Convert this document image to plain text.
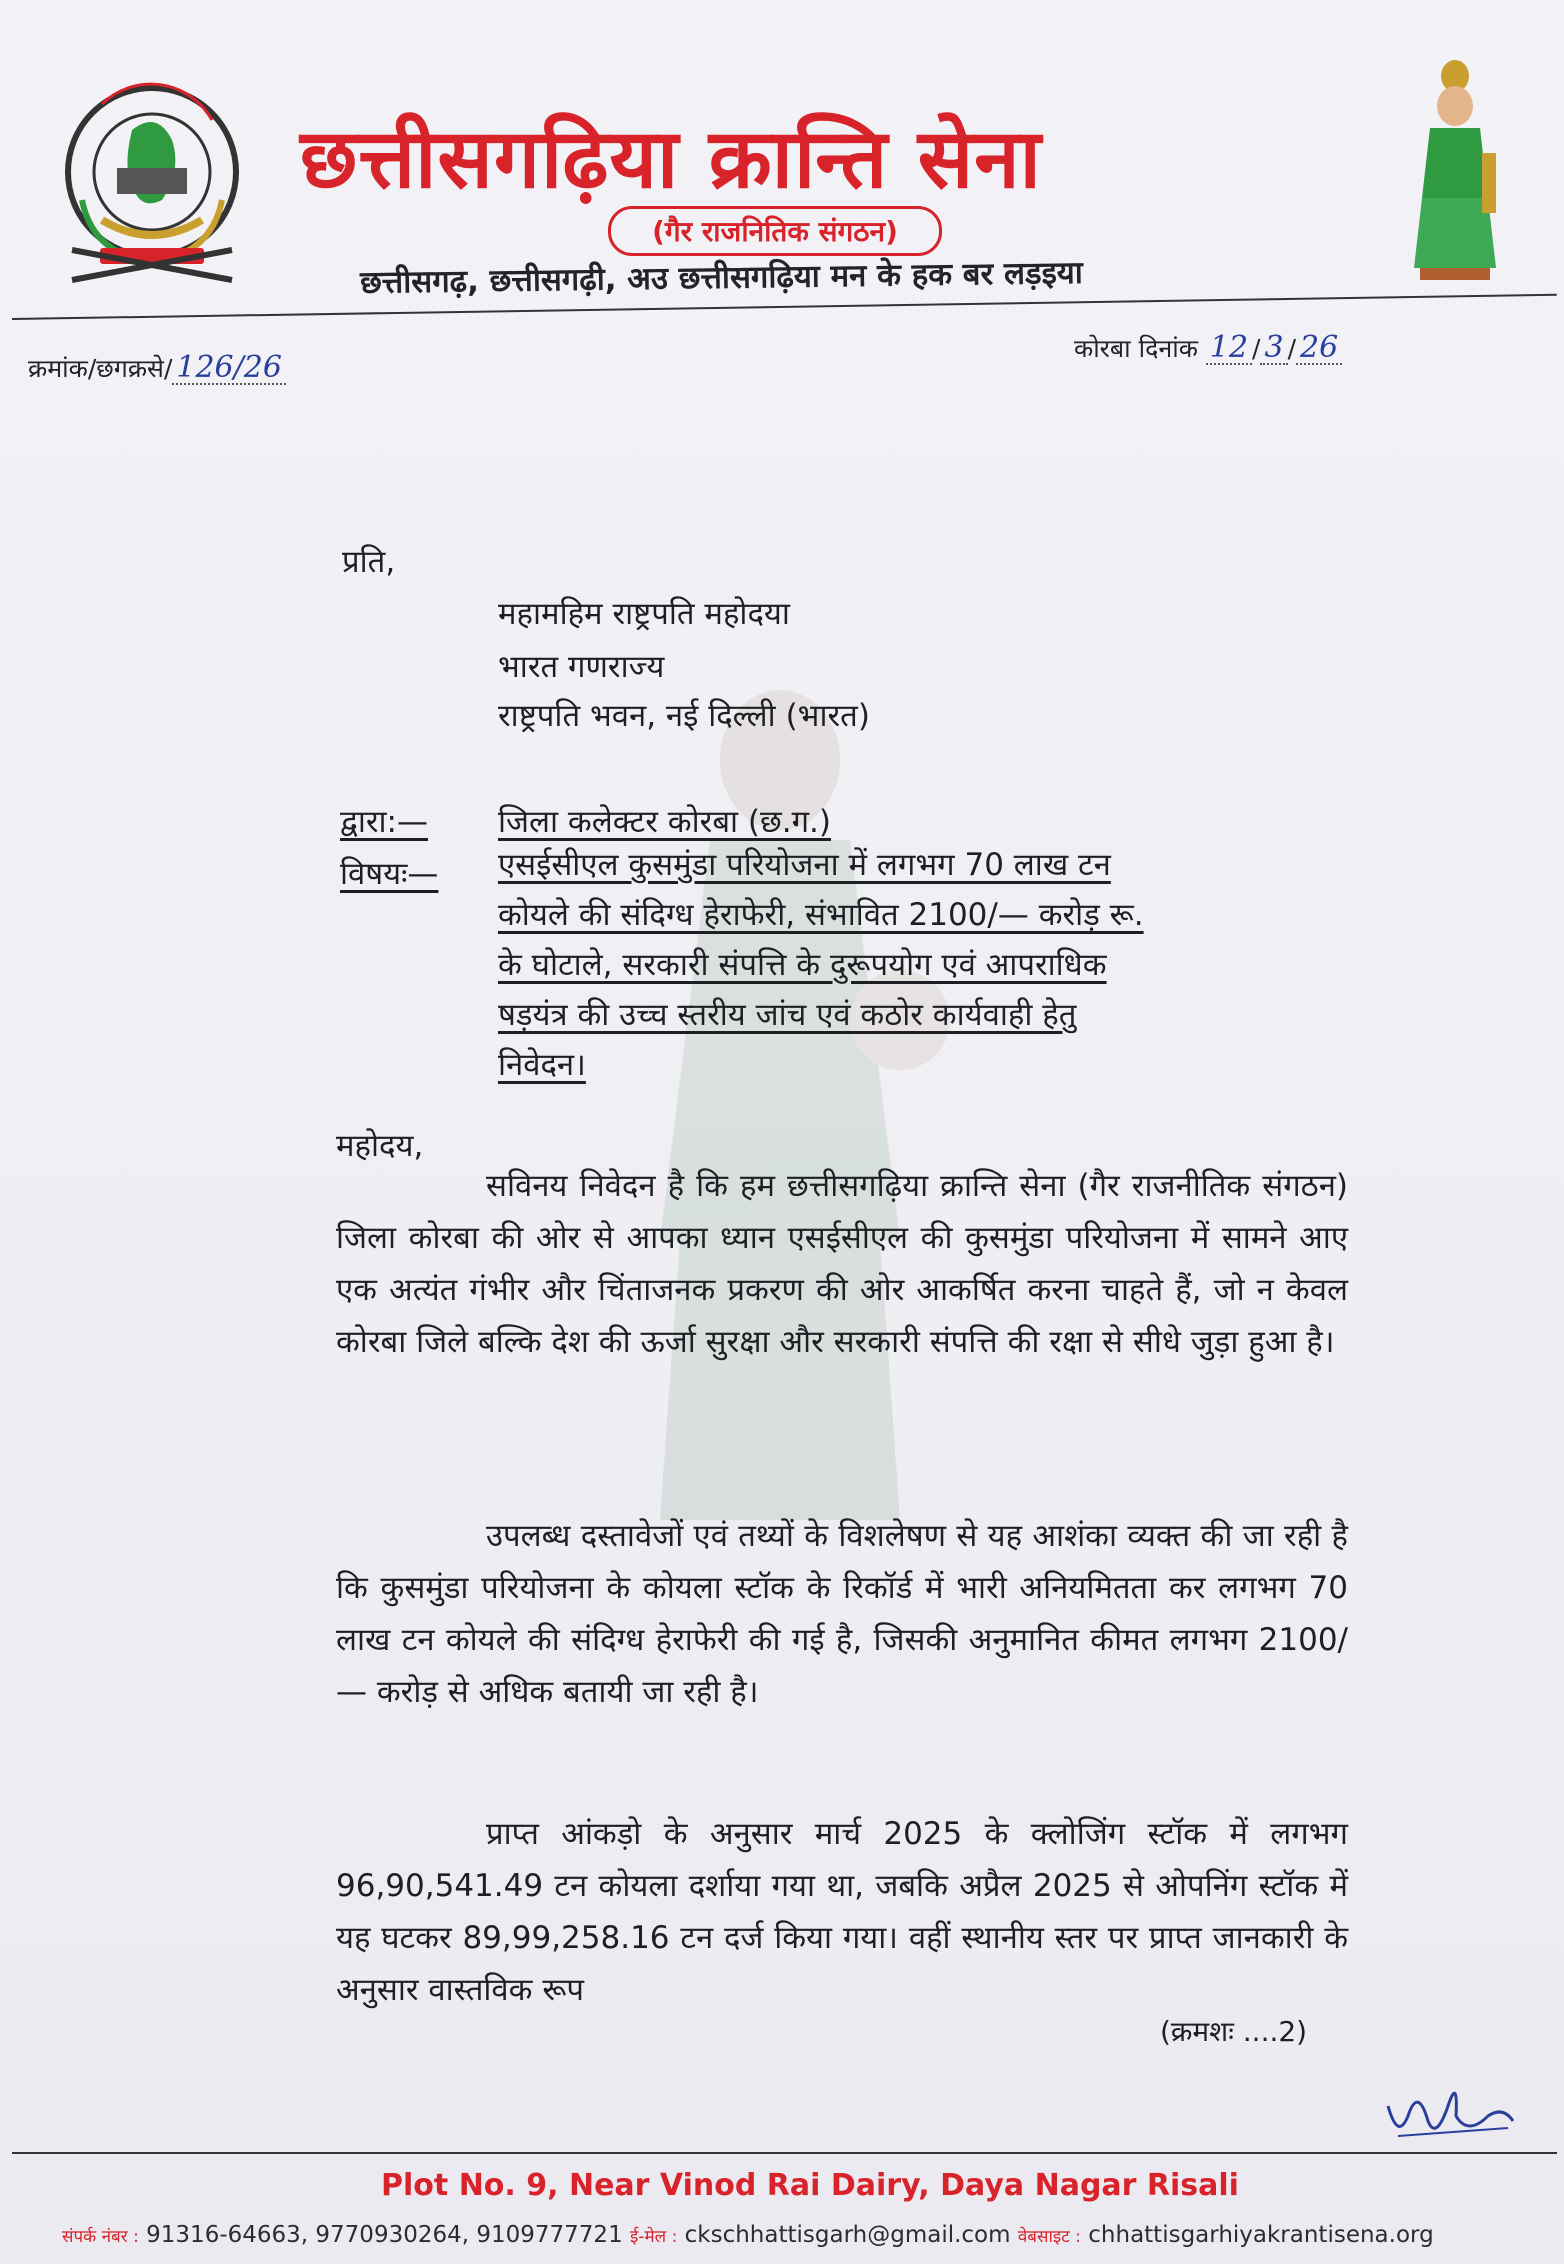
छत्तीसगढ़िया क्रान्ति सेना
(गैर राजनितिक संगठन)
छत्तीसगढ़, छत्तीसगढ़ी, अउ छत्तीसगढ़िया मन के हक बर लड़इया
क्रमांक/छगक्रसे/ 126/26
कोरबा दिनांक 12 / 3 / 26
प्रति,
महामहिम राष्ट्रपति महोदया
भारत गणराज्य
राष्ट्रपति भवन, नई दिल्ली (भारत)
द्वारा:— जिला कलेक्टर कोरबा (छ.ग.)
विषयः— एसईसीएल कुसमुंडा परियोजना में लगभग 70 लाख टन
कोयले की संदिग्ध हेराफेरी, संभावित 2100/— करोड़ रू.
के घोटाले, सरकारी संपत्ति के दुरूपयोग एवं आपराधिक
षड़यंत्र की उच्च स्तरीय जांच एवं कठोर कार्यवाही हेतु
निवेदन।
महोदय,
सविनय निवेदन है कि हम छत्तीसगढ़िया क्रान्ति सेना (गैर राजनीतिक संगठन) जिला कोरबा की ओर से आपका ध्यान एसईसीएल की कुसमुंडा परियोजना में सामने आए एक अत्यंत गंभीर और चिंताजनक प्रकरण की ओर आकर्षित करना चाहते हैं, जो न केवल कोरबा जिले बल्कि देश की ऊर्जा सुरक्षा और सरकारी संपत्ति की रक्षा से सीधे जुड़ा हुआ है।
उपलब्ध दस्तावेजों एवं तथ्यों के विशलेषण से यह आशंका व्यक्त की जा रही है कि कुसमुंडा परियोजना के कोयला स्टॉक के रिकॉर्ड में भारी अनियमितता कर लगभग 70 लाख टन कोयले की संदिग्ध हेराफेरी की गई है, जिसकी अनुमानित कीमत लगभग 2100/— करोड़ से अधिक बतायी जा रही है।
प्राप्त आंकड़ो के अनुसार मार्च 2025 के क्लोजिंग स्टॉक में लगभग 96,90,541.49 टन कोयला दर्शाया गया था, जबकि अप्रैल 2025 से ओपनिंग स्टॉक में यह घटकर 89,99,258.16 टन दर्ज किया गया। वहीं स्थानीय स्तर पर प्राप्त जानकारी के अनुसार वास्तविक रूप
(क्रमशः ....2)
Plot No. 9, Near Vinod Rai Dairy, Daya Nagar Risali
संपर्क नंबर : 91316-64663, 9770930264, 9109777721 ई-मेल : ckschhattisgarh@gmail.com वेबसाइट : chhattisgarhiyakrantisena.org
